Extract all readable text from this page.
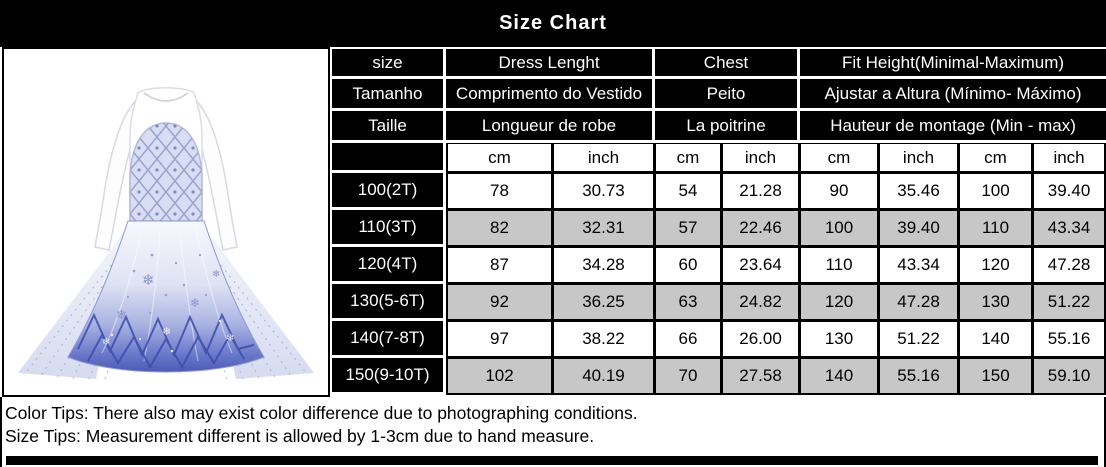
Size Chart
❄
❄
❄
❄
❄
❄	❄
size	Dress Lenght		Chest		Fit Height(Minimal-Maximum)			
Tamanho	Comprimento do Vestido		Peito		Ajustar a Altura (Mínimo- Máximo)			
Taille	Longueur de robe		La poitrine		Hauteur de montage (Min - max)			
	cm	inch	cm	inch	cm	inch	cm	inch
100(2T)	78	30.73	54	21.28	90	35.46	100	39.40
110(3T)	82	32.31	57	22.46	100	39.40	110	43.34
120(4T)	87	34.28	60	23.64	110	43.34	120	47.28
130(5-6T)	92	36.25	63	24.82	120	47.28	130	51.22
140(7-8T)	97	38.22	66	26.00	130	51.22	140	55.16
150(9-10T)	102	40.19	70	27.58	140	55.16	150	59.10
Color Tips: There also may exist color difference due to photographing conditions.
Size Tips: Measurement different is allowed by 1-3cm due to hand measure.
